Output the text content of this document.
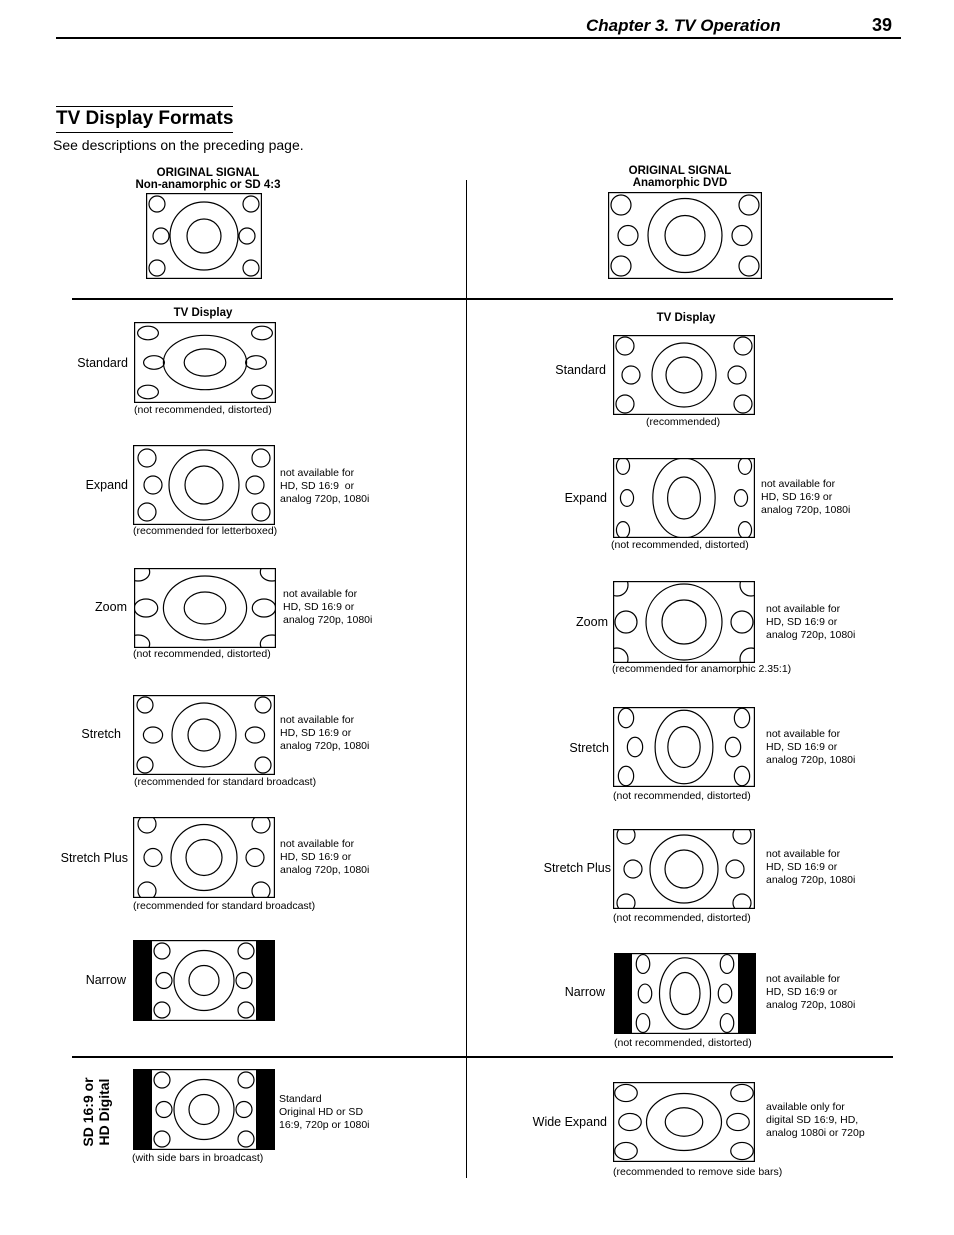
Chapter 3. TV Operation	39
TV Display Formats
See descriptions on the preceding page.
ORIGINAL SIGNAL
Non-anamorphic or SD 4:3
ORIGINAL SIGNAL
Anamorphic DVD
TV Display	TV Display
Standard
Expand
Zoom
Stretch
Stretch Plus
Narrow
(not recommended, distorted)
(recommended for letterboxed)
(not recommended, distorted)
(recommended for standard broadcast)
(recommended for standard broadcast)
(with side bars in broadcast)
not available for
HD, SD 16:9  or
analog 720p, 1080i
not available for
HD, SD 16:9 or
analog 720p, 1080i
not available for
HD, SD 16:9 or
analog 720p, 1080i
not available for
HD, SD 16:9 or
analog 720p, 1080i
Standard
Original HD or SD
16:9, 720p or 1080i
SD 16:9 or
HD Digital
Standard
Expand
Zoom
Stretch
Stretch Plus
Narrow
Wide Expand
(recommended)
(not recommended, distorted)
(recommended for anamorphic 2.35:1)
(not recommended, distorted)
(not recommended, distorted)
(not recommended, distorted)
(recommended to remove side bars)
not available for
HD, SD 16:9 or
analog 720p, 1080i
not available for
HD, SD 16:9 or
analog 720p, 1080i
not available for
HD, SD 16:9 or
analog 720p, 1080i
not available for
HD, SD 16:9 or
analog 720p, 1080i
not available for
HD, SD 16:9 or
analog 720p, 1080i
available only for
digital SD 16:9, HD,
analog 1080i or 720p
